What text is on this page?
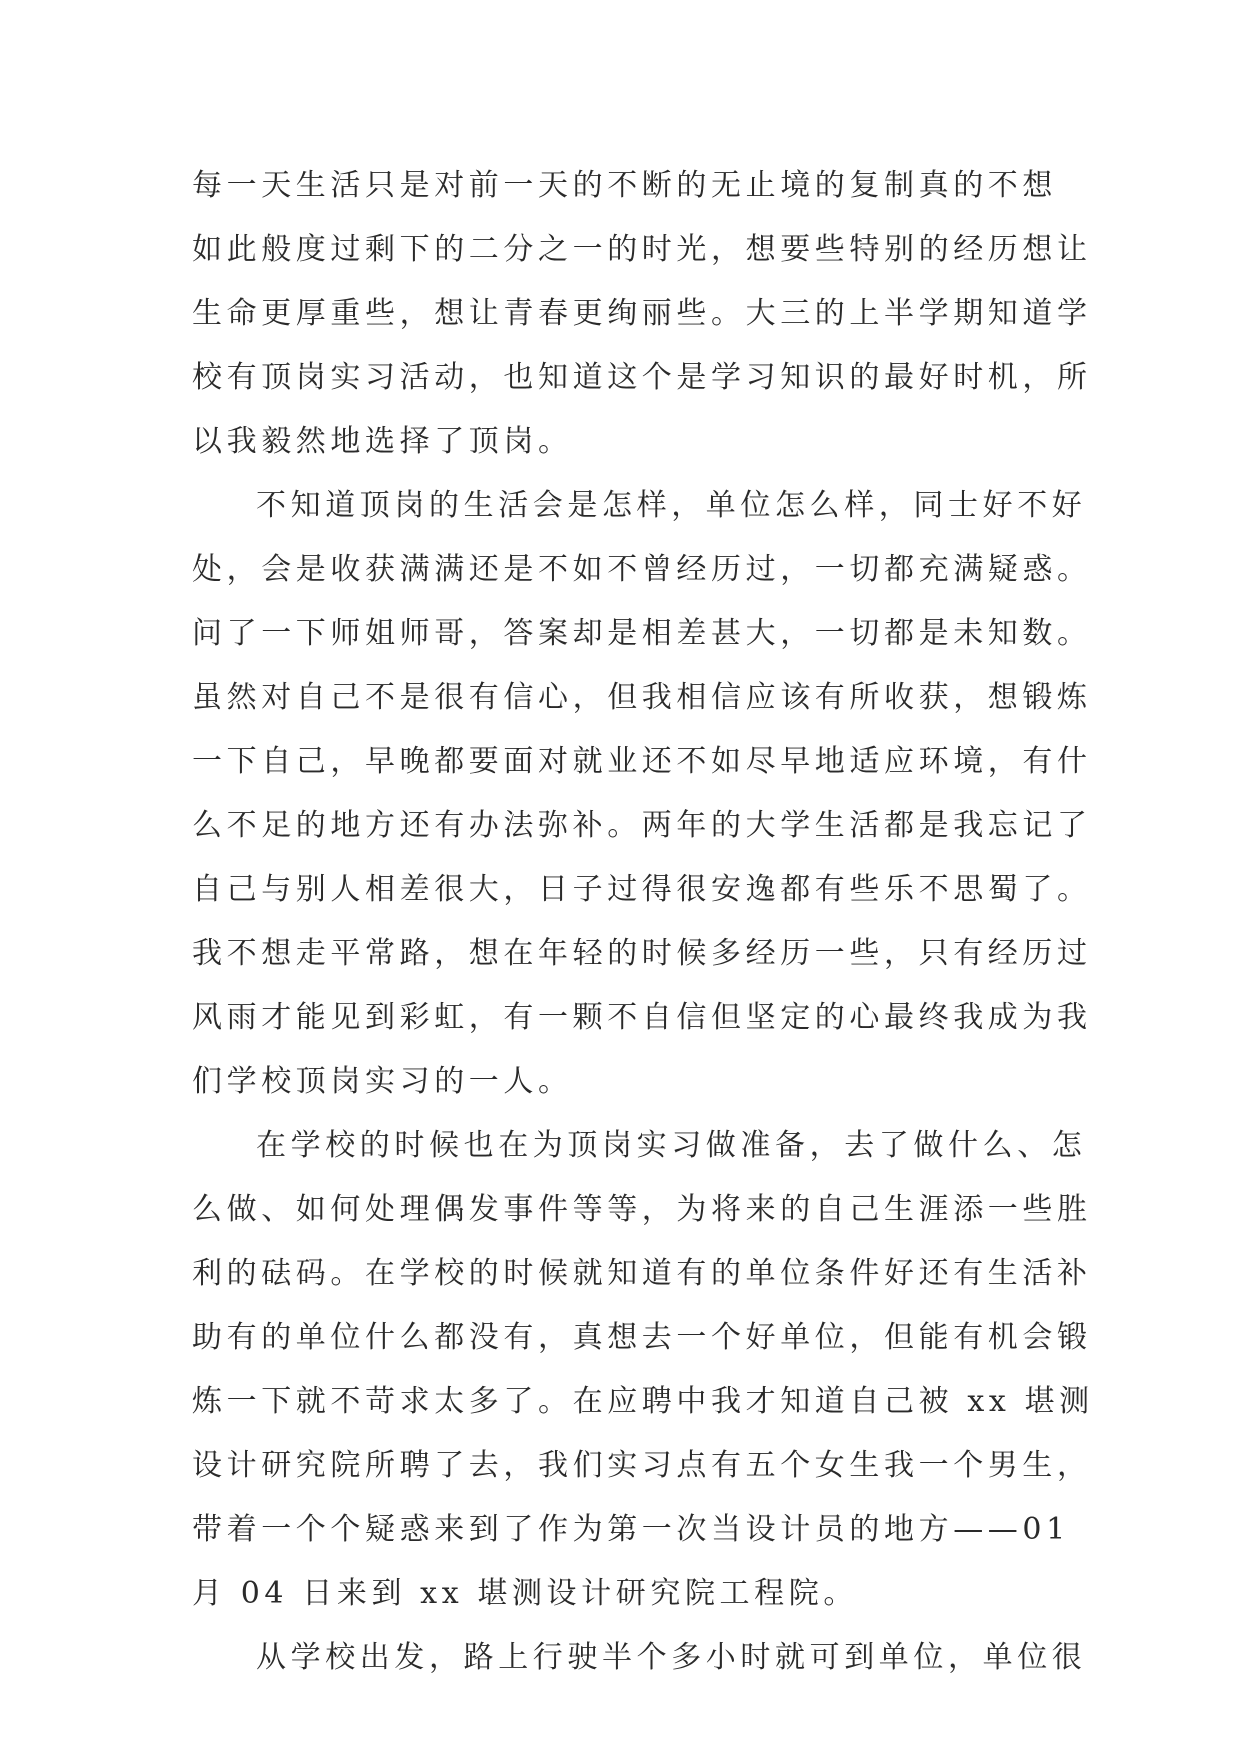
每一天生活只是对前一天的不断的无止境的复制真的不想
如此般度过剩下的二分之一的时光，想要些特别的经历想让
生命更厚重些，想让青春更绚丽些。大三的上半学期知道学
校有顶岗实习活动，也知道这个是学习知识的最好时机，所
以我毅然地选择了顶岗。
不知道顶岗的生活会是怎样，单位怎么样，同士好不好
处，会是收获满满还是不如不曾经历过，一切都充满疑惑。
问了一下师姐师哥，答案却是相差甚大，一切都是未知数。
虽然对自己不是很有信心，但我相信应该有所收获，想锻炼
一下自己，早晚都要面对就业还不如尽早地适应环境，有什
么不足的地方还有办法弥补。两年的大学生活都是我忘记了
自己与别人相差很大，日子过得很安逸都有些乐不思蜀了。
我不想走平常路，想在年轻的时候多经历一些，只有经历过
风雨才能见到彩虹，有一颗不自信但坚定的心最终我成为我
们学校顶岗实习的一人。
在学校的时候也在为顶岗实习做准备，去了做什么、怎
么做、如何处理偶发事件等等，为将来的自己生涯添一些胜
利的砝码。在学校的时候就知道有的单位条件好还有生活补
助有的单位什么都没有，真想去一个好单位，但能有机会锻
炼一下就不苛求太多了。在应聘中我才知道自己被 xx 堪测
设计研究院所聘了去，我们实习点有五个女生我一个男生，
带着一个个疑惑来到了作为第一次当设计员的地方——01
月 04 日来到 xx 堪测设计研究院工程院。
从学校出发，路上行驶半个多小时就可到单位，单位很
